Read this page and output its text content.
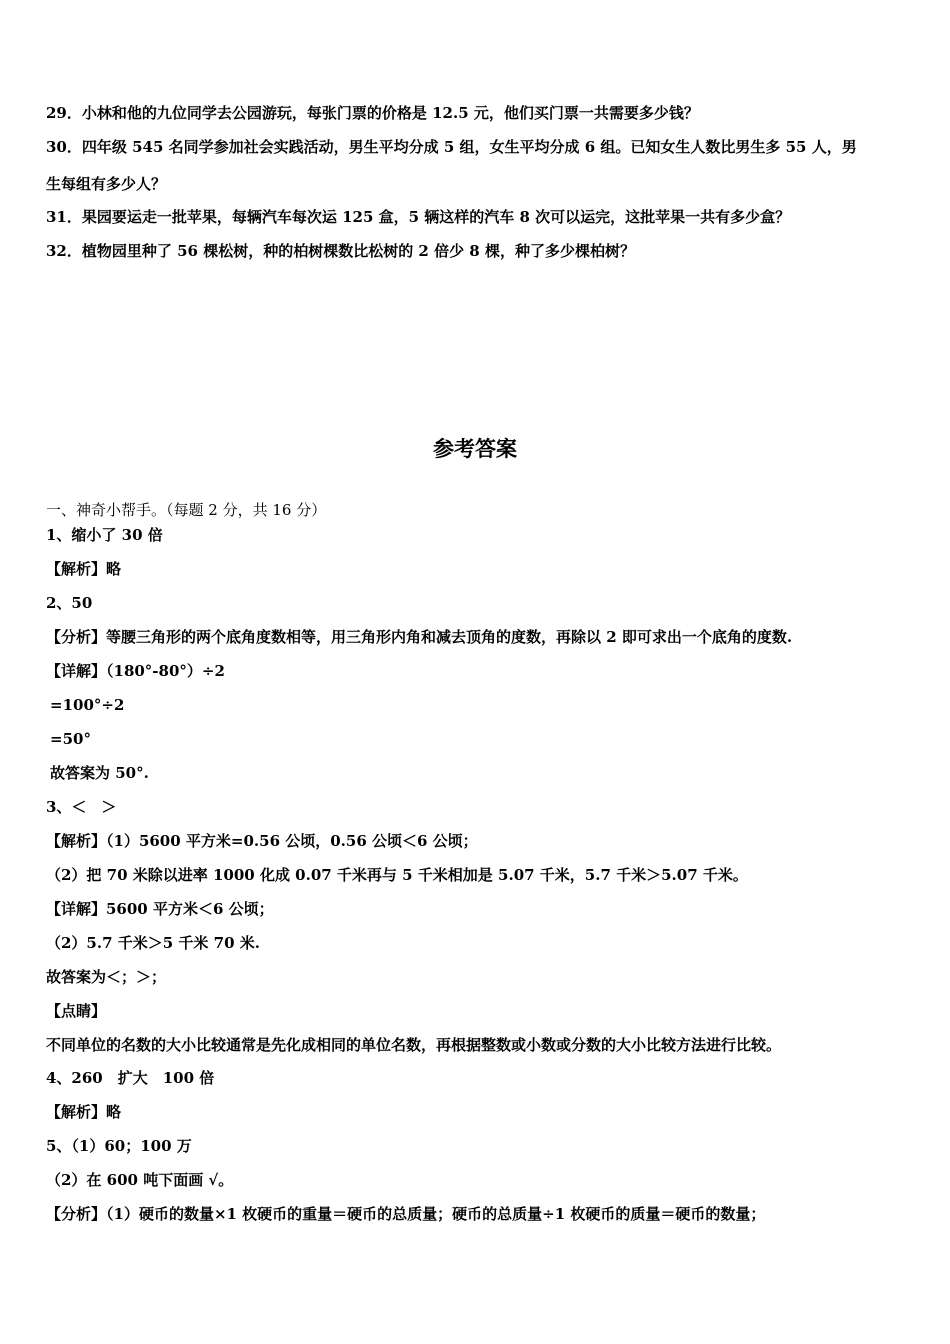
29．小林和他的九位同学去公园游玩，每张门票的价格是 12.5 元，他们买门票一共需要多少钱？
30．四年级 545 名同学参加社会实践活动，男生平均分成 5 组，女生平均分成 6 组。已知女生人数比男生多 55 人，男
生每组有多少人？
31．果园要运走一批苹果，每辆汽车每次运 125 盒，5 辆这样的汽车 8 次可以运完，这批苹果一共有多少盒？
32．植物园里种了 56 棵松树，种的柏树棵数比松树的 2 倍少 8 棵，种了多少棵柏树？
参考答案
一、神奇小帮手。（每题 2 分，共 16 分）
1、缩小了 30 倍
【解析】略
2、50
【分析】等腰三角形的两个底角度数相等，用三角形内角和减去顶角的度数，再除以 2 即可求出一个底角的度数.
【详解】（180°-80°）÷2
=100°÷2
=50°
故答案为 50°.
3、＜　＞
【解析】（1）5600 平方米=0.56 公顷，0.56 公顷＜6 公顷；
（2）把 70 米除以进率 1000 化成 0.07 千米再与 5 千米相加是 5.07 千米，5.7 千米＞5.07 千米。
【详解】5600 平方米＜6 公顷；
（2）5.7 千米＞5 千米 70 米.
故答案为＜；＞；
【点睛】
不同单位的名数的大小比较通常是先化成相同的单位名数，再根据整数或小数或分数的大小比较方法进行比较。
4、260　扩大　100 倍
【解析】略
5、（1）60；100 万
（2）在 600 吨下面画 √。
【分析】（1）硬币的数量×1 枚硬币的重量＝硬币的总质量；硬币的总质量÷1 枚硬币的质量＝硬币的数量；
